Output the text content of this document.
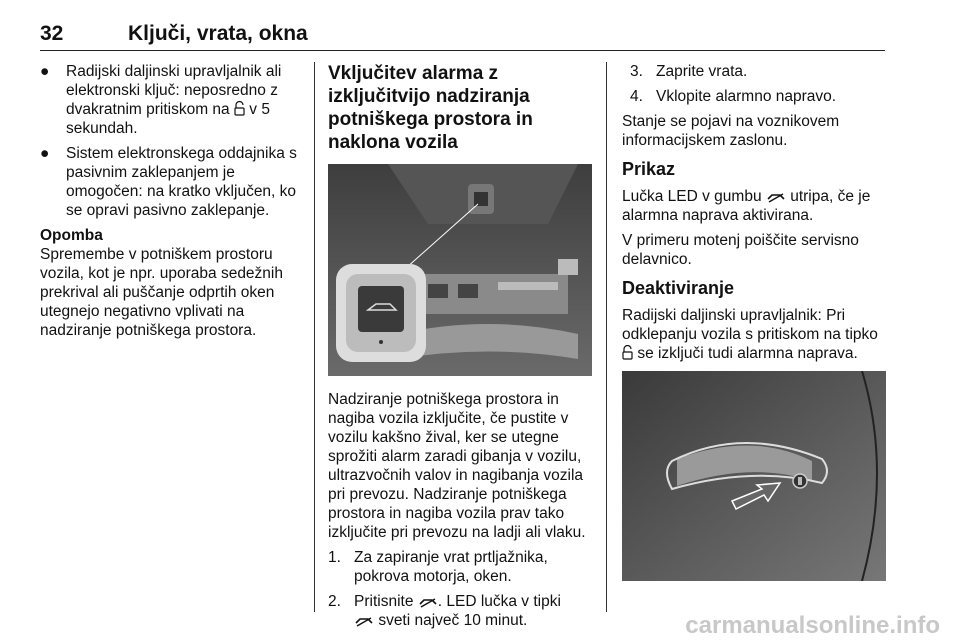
32	Ključi, vrata, okna
● Radijski daljinski upravljalnik ali elektronski ključ: neposredno z dvakratnim pritiskom na v 5 sekundah.
● Sistem elektronskega oddajnika s pasivnim zaklepanjem je omogočen: na kratko vključen, ko se opravi pasivno zaklepanje.
Opomba
Spremembe v potniškem prostoru vozila, kot je npr. uporaba sedežnih prekrival ali puščanje odprtih oken utegnejo negativno vplivati na nadziranje potniškega prostora.
Vključitev alarma z izključitvijo nadziranja potniškega prostora in naklona vozila

Nadziranje potniškega prostora in nagiba vozila izključite, če pustite v vozilu kakšno žival, ker se utegne sprožiti alarm zaradi gibanja v vozilu, ultrazvočnih valov in nagibanja vozila pri prevozu. Nadziranje potniškega prostora in nagiba vozila prav tako izključite pri prevozu na ladji ali vlaku.

1. Za zapiranje vrat prtljažnika, pokrova motorja, oken.
2. Pritisnite . LED lučka v tipki
sveti največ 10 minut.
3. Zaprite vrata.
4. Vklopite alarmno napravo.

Stanje se pojavi na voznikovem informacijskem zaslonu.

Prikaz

Lučka LED v gumbu utripa, če je alarmna naprava aktivirana.

V primeru motenj poiščite servisno delavnico.

Deaktiviranje

Radijski daljinski upravljalnik: Pri odklepanju vozila s pritiskom na tipko
se izključi tudi alarmna naprava.

carmanualsonline.info
